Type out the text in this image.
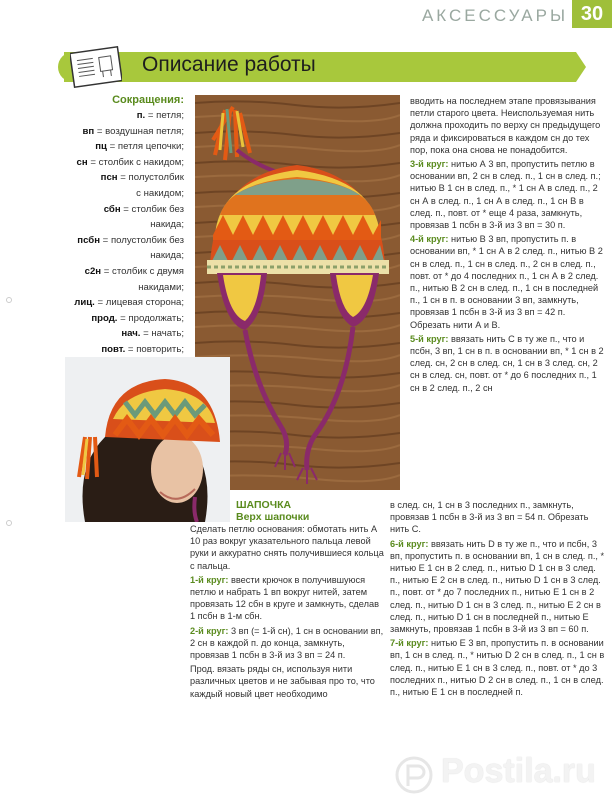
АКСЕССУАРЫ 30
Описание работы
Сокращения:
п. = петля;
вп = воздушная петля;
пц = петля цепочки;
сн = столбик с накидом;
псн = полустолбик
с накидом;
сбн = столбик без
накида;
псбн = полустолбик без
накида;
с2н = столбик с двумя
накидами;
лиц. = лицевая сторона;
прод. = продолжать;
нач. = начать;
повт. = повторить;

вводить на последнем этапе провязывания петли старого цвета. Неиспользуемая нить должна проходить по верху сн предыдущего ряда и фиксироваться в каждом сн до тех пор, пока она снова не понадобится.

3-й круг: нитью А 3 вп, пропустить петлю в основании вп, 2 сн в след. п., 1 сн в след. п.; нитью В 1 сн в след. п., * 1 сн А в след. п., 2 сн А в след. п., 1 сн А в след. п., 1 сн В в след. п., повт. от * еще 4 раза, замкнуть, провязав 1 псбн в 3-й из 3 вп = 30 п.

4-й круг: нитью В 3 вп, пропустить п. в основании вп, * 1 сн А в 2 след. п., нитью В 2 сн в след. п., 1 сн в след. п., 2 сн в след. п., повт. от * до 4 последних п., 1 сн А в 2 след. п., нитью В 2 сн в след. п., 1 сн в последней п., 1 сн в п. в основании 3 вп, замкнуть, провязав 1 псбн в 3-й из 3 вп = 42 п. Обрезать нити А и В.

5-й круг: ввязать нить С в ту же п., что и псбн, 3 вп, 1 сн в п. в основании вп, * 1 сн в 2 след. сн, 2 сн в след. сн, 1 сн в 3 след. сн, 2 сн в след. сн, повт. от * до 6 последних п., 1 сн в 2 след. п., 2 сн

ШАПОЧКА
Верх шапочки

Сделать петлю основания: обмотать нить А 10 раз вокруг указательного пальца левой руки и аккуратно снять получившиеся кольца с пальца.

1-й круг: ввести крючок в получившуюся петлю и набрать 1 вп вокруг нитей, затем провязать 12 сбн в круге и замкнуть, сделав 1 псбн в 1-м сбн.

2-й круг: 3 вп (= 1-й сн), 1 сн в основании вп, 2 сн в каждой п. до конца, замкнуть, провязав 1 псбн в 3-й из 3 вп = 24 п.

Прод. вязать ряды сн, используя нити различных цветов и не забывая про то, что каждый новый цвет необходимо

в след. сн, 1 сн в 3 последних п., замкнуть, провязав 1 псбн в 3-й из 3 вп = 54 п. Обрезать нить С.

6-й круг: ввязать нить D в ту же п., что и псбн, 3 вп, пропустить п. в основании вп, 1 сн в след. п., * нитью Е 1 сн в 2 след. п., нитью D 1 сн в 3 след. п., нитью Е 2 сн в след. п., нитью D 1 сн в 3 след. п., повт. от * до 7 последних п., нитью Е 1 сн в 2 след. п., нитью D 1 сн в 3 след. п., нитью Е 2 сн в след. п., нитью D 1 сн в последней п., нитью Е замкнуть, провязав 1 псбн в 3-й из 3 вп = 60 п.

7-й круг: нитью Е 3 вп, пропустить п. в основании вп, 1 сн в след. п., * нитью D 2 сн в след. п., 1 сн в след. п., нитью Е 1 сн в 3 след. п., повт. от * до 3 последних п., нитью D 2 сн в след. п., 1 сн в след. п., нитью Е 1 сн в последней п.

Postila.ru
